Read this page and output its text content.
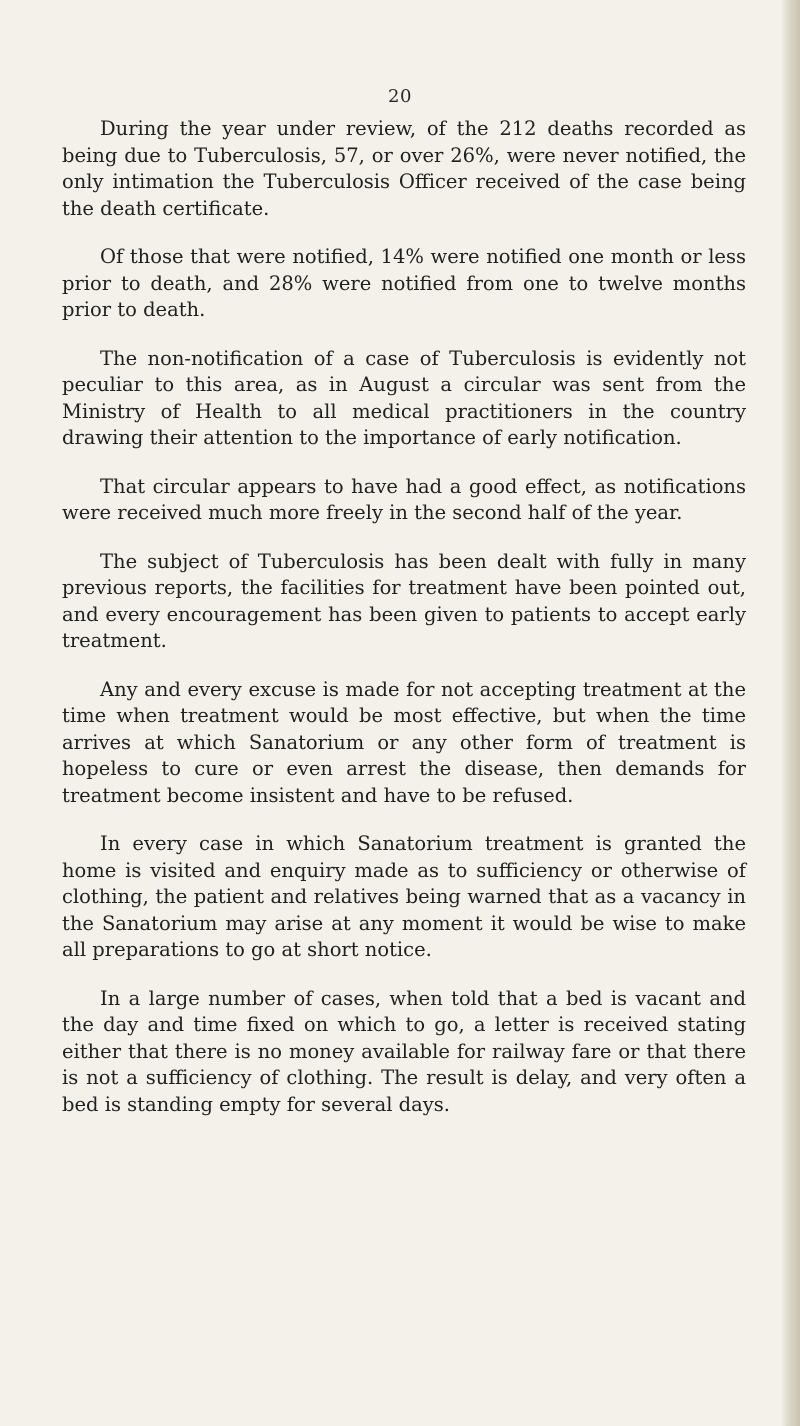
20

During the year under review, of the 212 deaths recorded as being due to Tuberculosis, 57, or over 26%, were never notified, the only intimation the Tuberculosis Officer received of the case being the death certificate.

Of those that were notified, 14% were notified one month or less prior to death, and 28% were notified from one to twelve months prior to death.

The non-notification of a case of Tuberculosis is evidently not peculiar to this area, as in August a circular was sent from the Ministry of Health to all medical practitioners in the country drawing their attention to the importance of early notification.

That circular appears to have had a good effect, as notifications were received much more freely in the second half of the year.

The subject of Tuberculosis has been dealt with fully in many previous reports, the facilities for treatment have been pointed out, and every encouragement has been given to patients to accept early treatment.

Any and every excuse is made for not accepting treatment at the time when treatment would be most effective, but when the time arrives at which Sanatorium or any other form of treatment is hopeless to cure or even arrest the disease, then demands for treatment become insistent and have to be refused.

In every case in which Sanatorium treatment is granted the home is visited and enquiry made as to sufficiency or otherwise of clothing, the patient and relatives being warned that as a vacancy in the Sanatorium may arise at any moment it would be wise to make all preparations to go at short notice.

In a large number of cases, when told that a bed is vacant and the day and time fixed on which to go, a letter is received stating either that there is no money available for railway fare or that there is not a sufficiency of clothing. The result is delay, and very often a bed is standing empty for several days.
